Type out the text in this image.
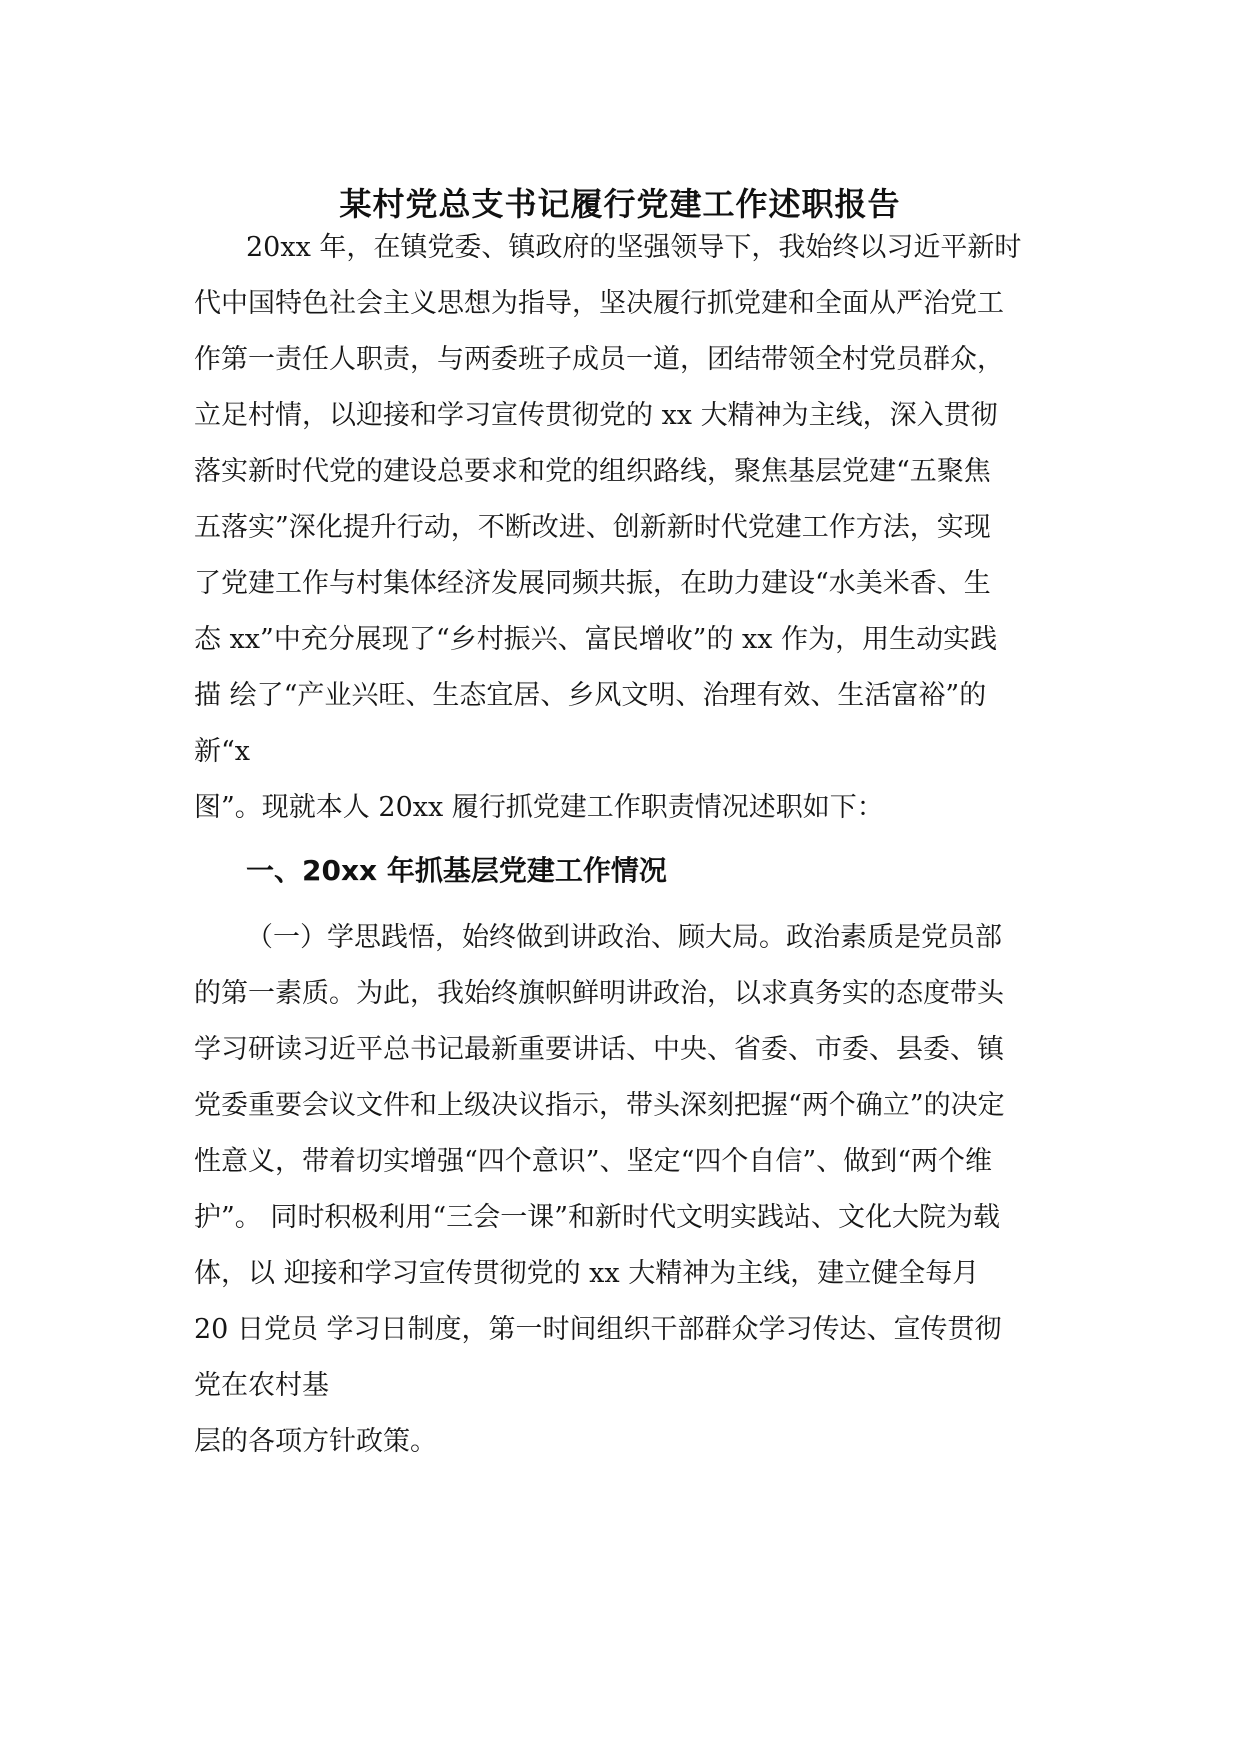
某村党总支书记履行党建工作述职报告
20xx 年，在镇党委、镇政府的坚强领导下，我始终以习近平新时
代中国特色社会主义思想为指导，坚决履行抓党建和全面从严治党工
作第一责任人职责，与两委班子成员一道，团结带领全村党员群众，
立足村情，以迎接和学习宣传贯彻党的 xx 大精神为主线，深入贯彻
落实新时代党的建设总要求和党的组织路线，聚焦基层党建“五聚焦
五落实”深化提升行动，不断改进、创新新时代党建工作方法，实现
了党建工作与村集体经济发展同频共振，在助力建设“水美米香、生
态 xx”中充分展现了“乡村振兴、富民增收”的 xx 作为，用生动实践
描 绘了“产业兴旺、生态宜居、乡风文明、治理有效、生活富裕”的
新“x
图”。现就本人 20xx 履行抓党建工作职责情况述职如下：
一、20xx 年抓基层党建工作情况
（一）学思践悟，始终做到讲政治、顾大局。政治素质是党员部
的第一素质。为此，我始终旗帜鲜明讲政治，以求真务实的态度带头
学习研读习近平总书记最新重要讲话、中央、省委、市委、县委、镇
党委重要会议文件和上级决议指示，带头深刻把握“两个确立”的决定
性意义，带着切实增强“四个意识”、坚定“四个自信”、做到“两个维
护”。 同时积极利用“三会一课”和新时代文明实践站、文化大院为载
体，以 迎接和学习宣传贯彻党的 xx 大精神为主线，建立健全每月
20 日党员 学习日制度，第一时间组织干部群众学习传达、宣传贯彻
党在农村基
层的各项方针政策。
